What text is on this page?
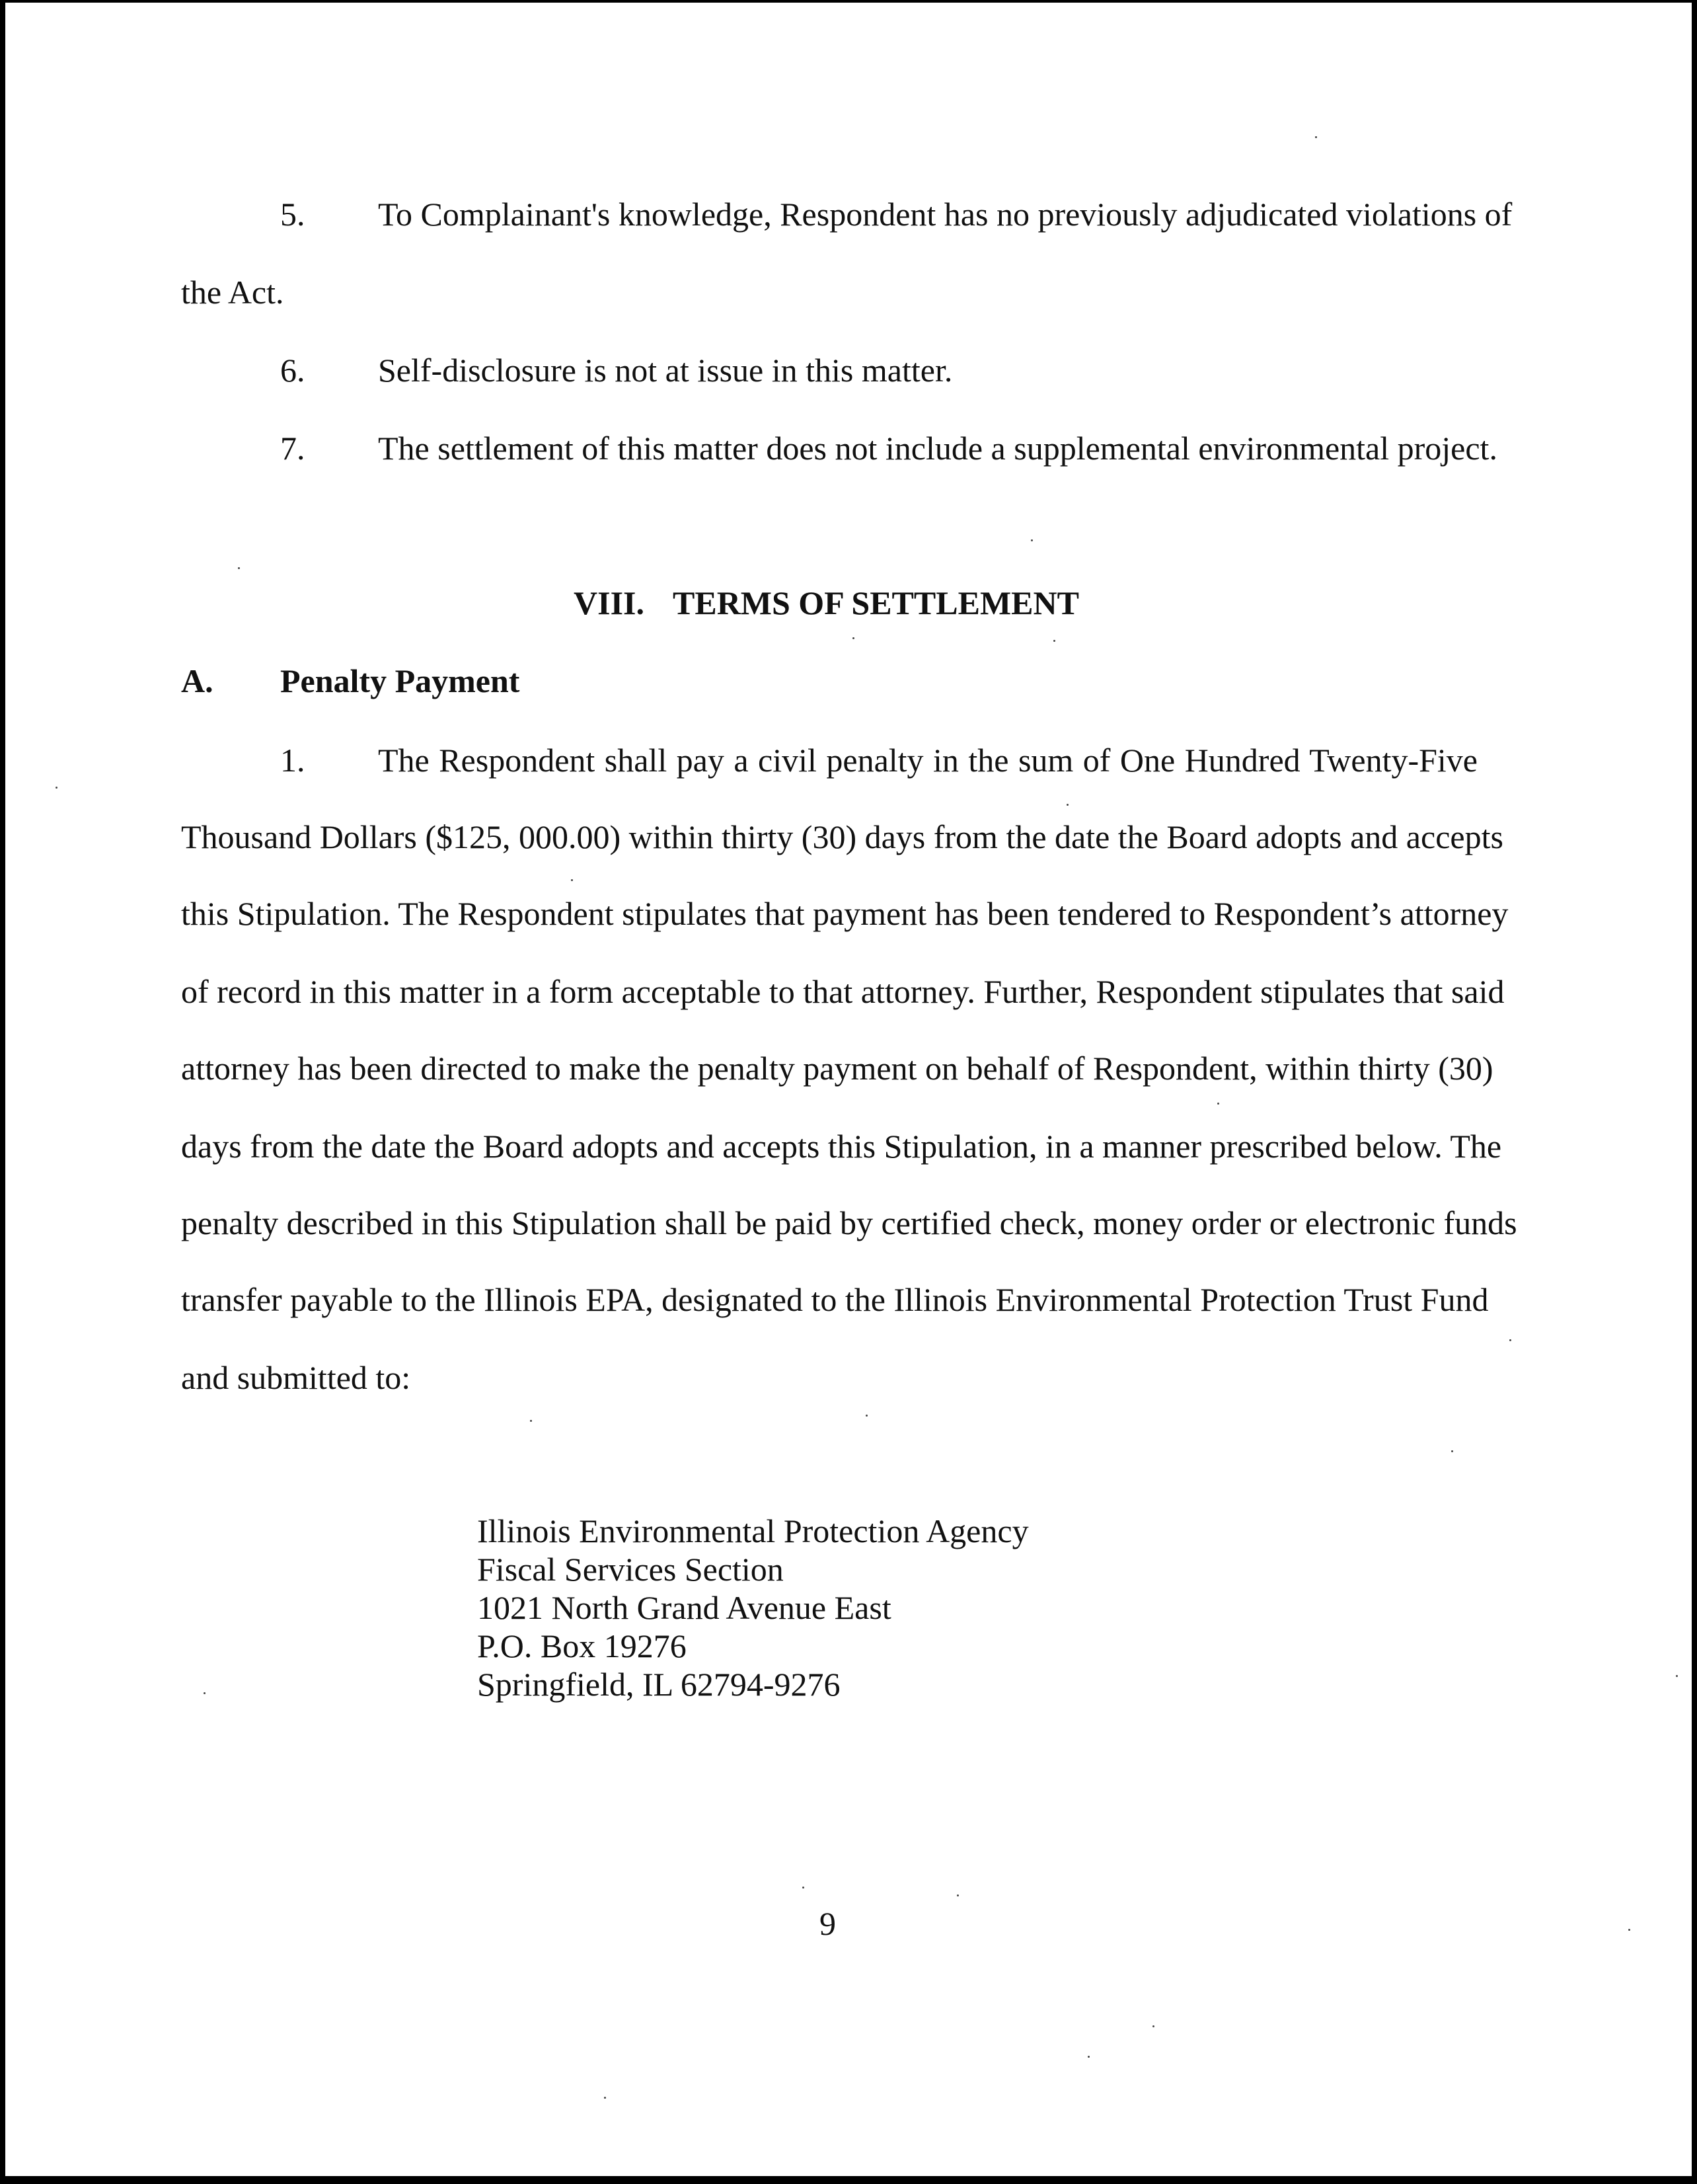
5. To Complainant's knowledge, Respondent has no previously adjudicated violations of
the Act.
6. Self-disclosure is not at issue in this matter.
7. The settlement of this matter does not include a supplemental environmental project.
VIII. TERMS OF SETTLEMENT
A. Penalty Payment
1. The Respondent shall pay a civil penalty in the sum of One Hundred Twenty-Five
Thousand Dollars ($125, 000.00) within thirty (30) days from the date the Board adopts and accepts
this Stipulation. The Respondent stipulates that payment has been tendered to Respondent’s attorney
of record in this matter in a form acceptable to that attorney. Further, Respondent stipulates that said
attorney has been directed to make the penalty payment on behalf of Respondent, within thirty (30)
days from the date the Board adopts and accepts this Stipulation, in a manner prescribed below. The
penalty described in this Stipulation shall be paid by certified check, money order or electronic funds
transfer payable to the Illinois EPA, designated to the Illinois Environmental Protection Trust Fund
and submitted to:
Illinois Environmental Protection Agency
Fiscal Services Section
1021 North Grand Avenue East
P.O. Box 19276
Springfield, IL 62794-9276
9
